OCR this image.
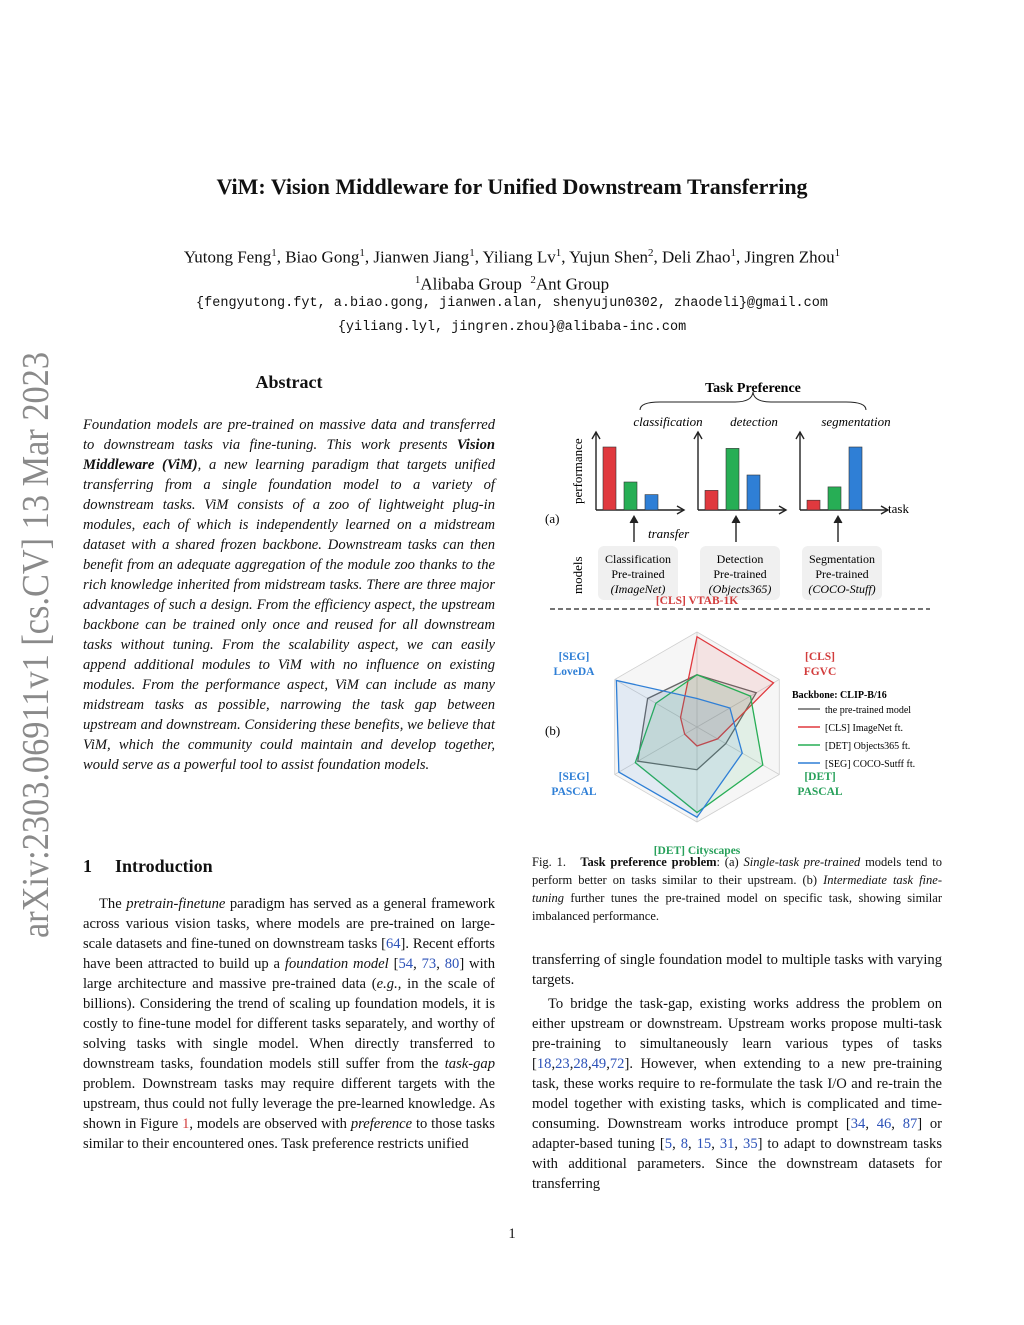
arXiv:2303.06911v1 [cs.CV] 13 Mar 2023
ViM: Vision Middleware for Unified Downstream Transferring
Yutong Feng$^1$, Biao Gong$^1$, Jianwen Jiang$^1$, Yiliang Lv$^1$, Yujun Shen$^2$, Deli Zhao$^1$, Jingren Zhou$^1$
$^1$Alibaba Group $^2$Ant Group
{fengyutong.fyt, a.biao.gong, jianwen.alan, shenyujun0302, zhaodeli}@gmail.com
{yiliang.lyl, jingren.zhou}@alibaba-inc.com
Abstract

Foundation models are pre-trained on massive data and transferred to downstream tasks via fine-tuning. This work presents Vision Middleware (ViM), a new learning paradigm that targets unified transferring from a single foundation model to a variety of downstream tasks. ViM consists of a zoo of lightweight plug-in modules, each of which is independently learned on a midstream dataset with a shared frozen backbone. Downstream tasks can then benefit from an adequate aggregation of the module zoo thanks to the rich knowledge inherited from midstream tasks. There are three major advantages of such a design. From the efficiency aspect, the upstream backbone can be trained only once and reused for all downstream tasks without tuning. From the scalability aspect, we can easily append additional modules to ViM with no influence on existing modules. From the performance aspect, ViM can include as many midstream tasks as possible, narrowing the task gap between upstream and downstream. Considering these benefits, we believe that ViM, which the community could maintain and develop together, would serve as a powerful tool to assist foundation models.

1 Introduction

The pretrain-finetune paradigm has served as a general framework across various vision tasks, where models are pre-trained on large-scale datasets and fine-tuned on downstream tasks [64]. Recent efforts have been attracted to build up a foundation model [54, 73, 80] with large architecture and massive pre-trained data (e.g., in the scale of billions). Considering the trend of scaling up foundation models, it is costly to fine-tune model for different tasks separately, and worthy of solving tasks with single model. When directly transferred to downstream tasks, foundation models still suffer from the task-gap problem. Downstream tasks may require different targets with the upstream, thus could not fully leverage the pre-learned knowledge. As shown in Figure 1, models are observed with preference to those tasks similar to their encountered ones. Task preference restricts unified

Task Preference
(a)
performance
models
task
classification
Classification
Pre-trained
(ImageNet)
detection
Detection
Pre-trained
(Objects365)
segmentation
Segmentation
Pre-trained
(COCO-Stuff)
transfer
(b)
[CLS] VTAB-1K
[CLS]
FGVC
[DET]
PASCAL
[DET] Cityscapes
[SEG]
PASCAL
[SEG]
LoveDA
Backbone: CLIP-B/16
the pre-trained model
[CLS] ImageNet ft.
[DET] Objects365 ft.
[SEG] COCO-Sutff ft.

Fig. 1. Task preference problem: (a) Single-task pre-trained models tend to perform better on tasks similar to their upstream. (b) Intermediate task fine-tuning further tunes the pre-trained model on specific task, showing similar imbalanced performance.

transferring of single foundation model to multiple tasks with varying targets.

To bridge the task-gap, existing works address the problem on either upstream or downstream. Upstream works propose multi-task pre-training to simultaneously learn various types of tasks [18,23,28,49,72]. However, when extending to a new pre-training task, these works require to re-formulate the task I/O and re-train the model together with existing tasks, which is complicated and time-consuming. Downstream works introduce prompt [34, 46, 87] or adapter-based tuning [5, 8, 15, 31, 35] to adapt to downstream tasks with additional parameters. Since the downstream datasets for transferring

1
